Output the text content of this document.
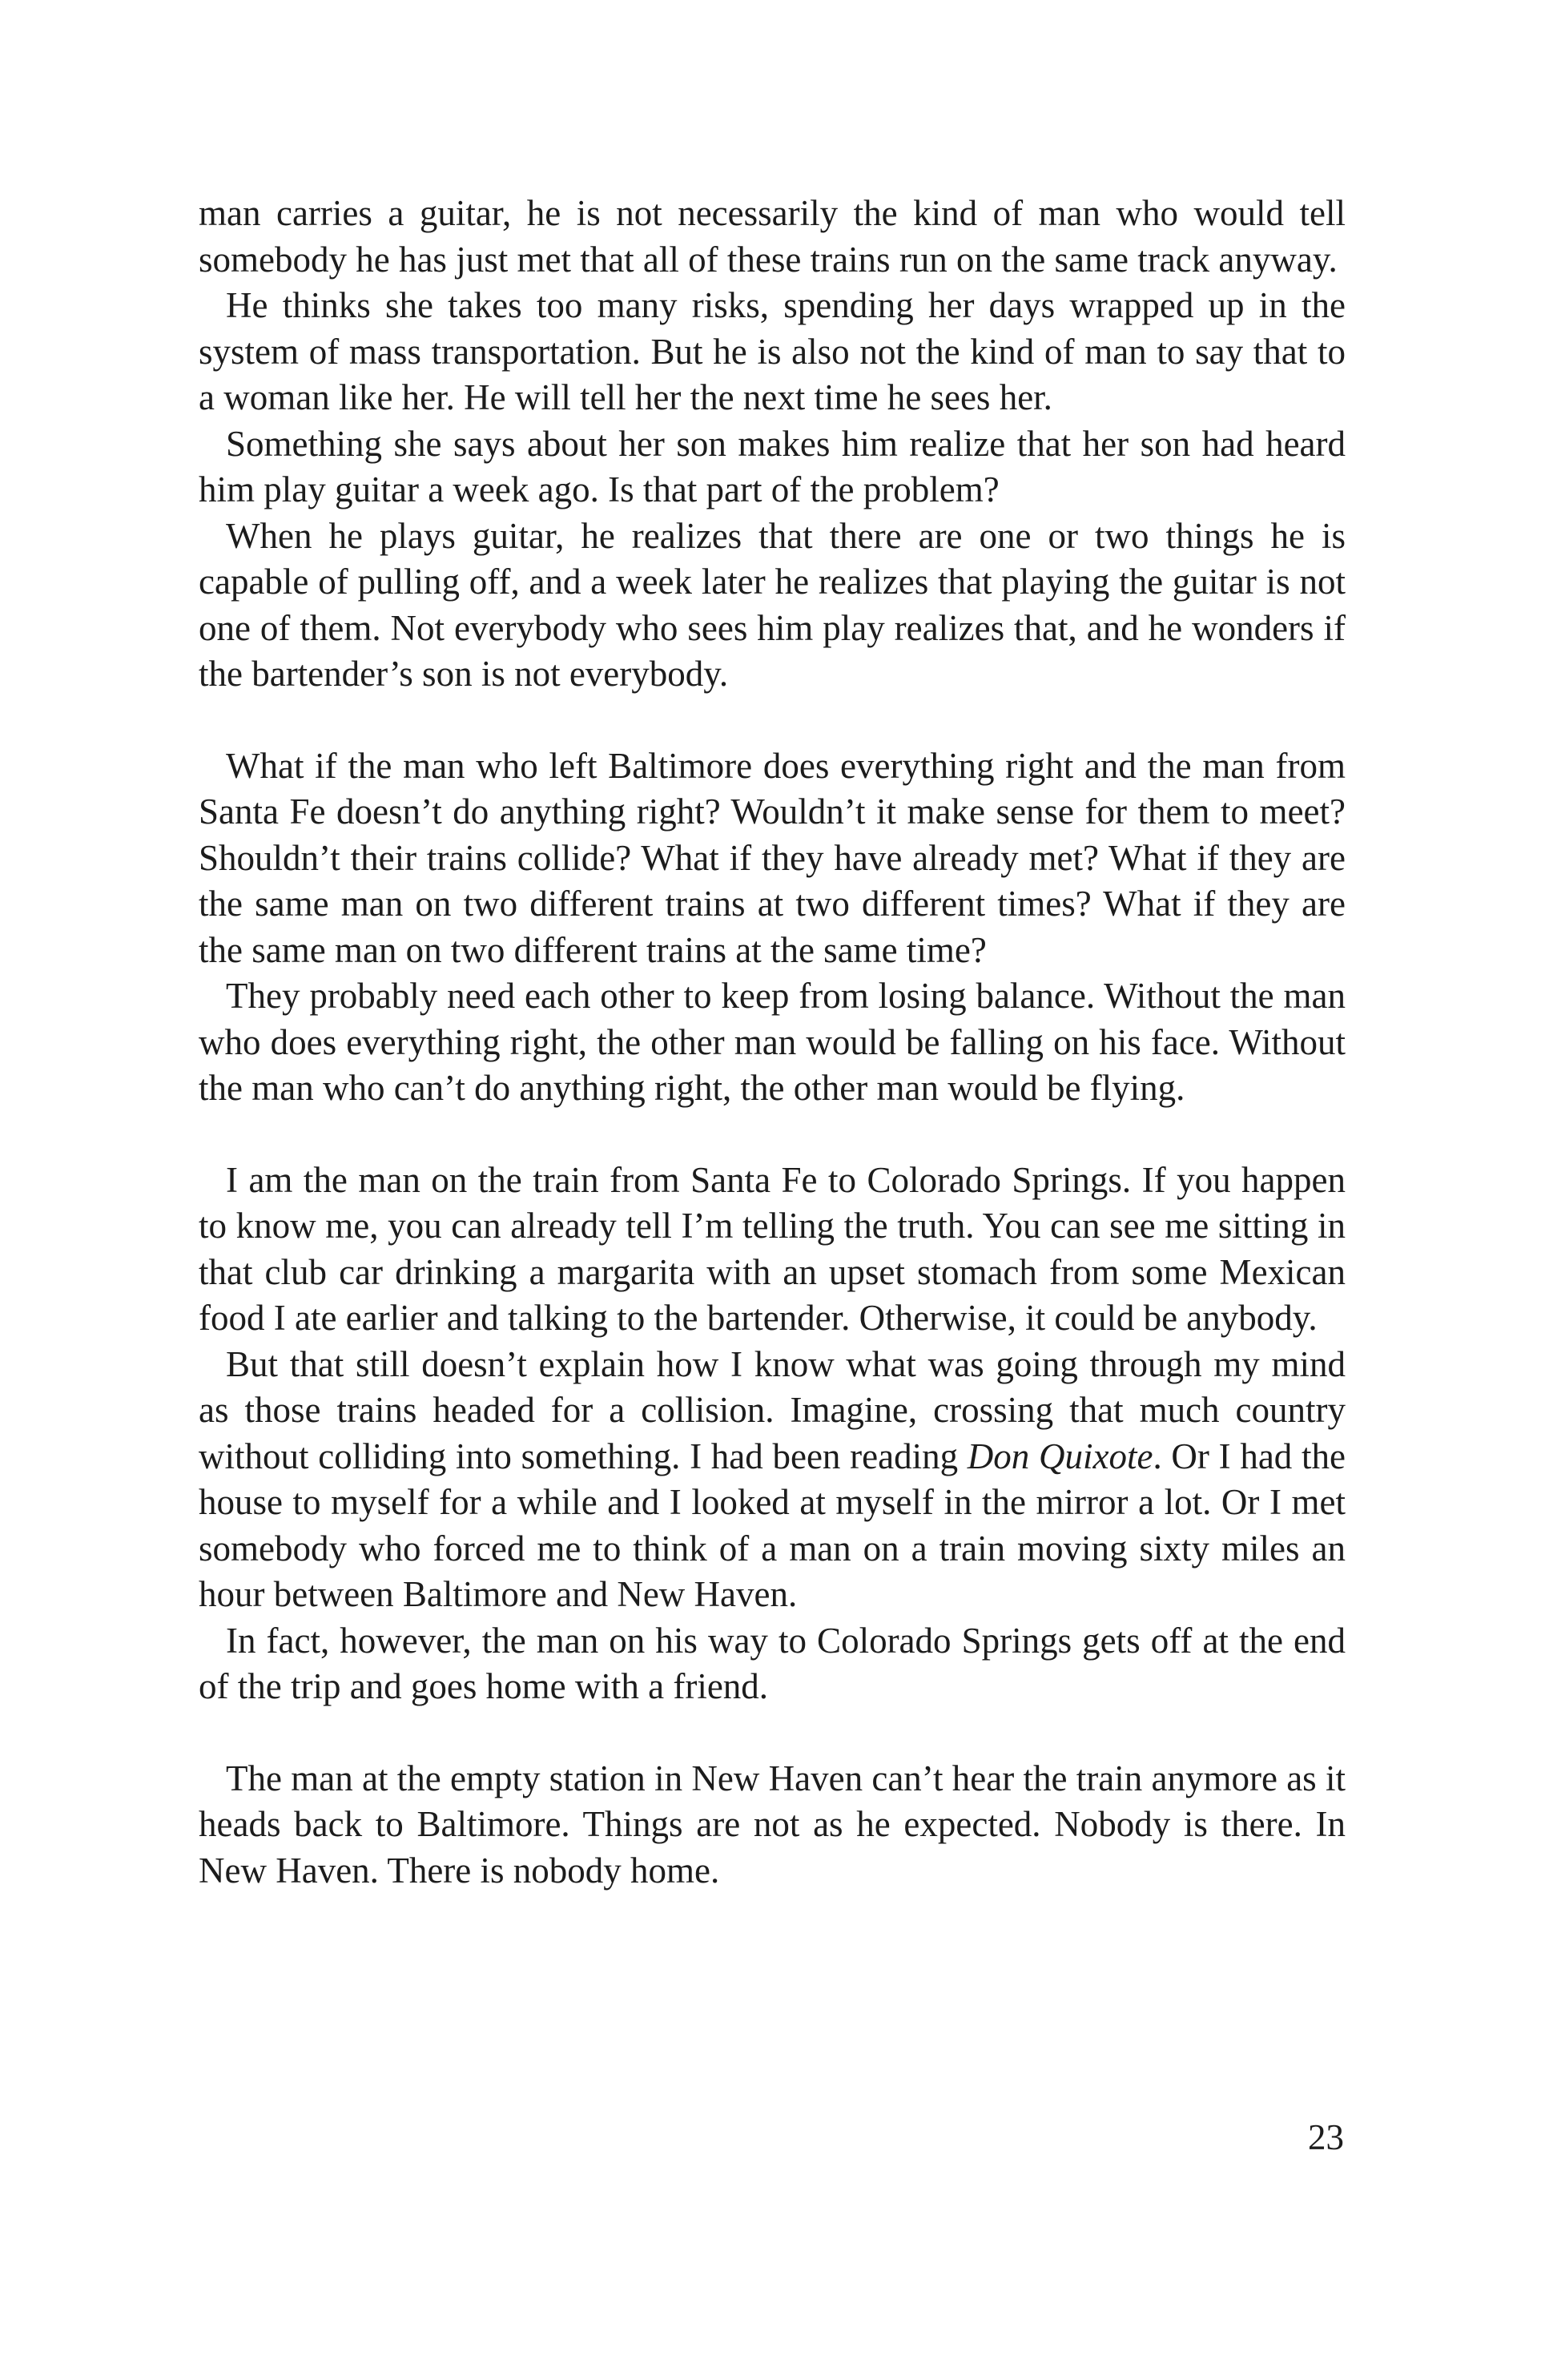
man carries a guitar, he is not necessarily the kind of man who would tell somebody he has just met that all of these trains run on the same track anyway.

He thinks she takes too many risks, spending her days wrapped up in the system of mass transportation. But he is also not the kind of man to say that to a woman like her. He will tell her the next time he sees her.

Something she says about her son makes him realize that her son had heard him play guitar a week ago. Is that part of the problem?

When he plays guitar, he realizes that there are one or two things he is capable of pulling off, and a week later he realizes that playing the guitar is not one of them. Not everybody who sees him play realizes that, and he wonders if the bartender’s son is not everybody.

What if the man who left Baltimore does everything right and the man from Santa Fe doesn’t do anything right? Wouldn’t it make sense for them to meet? Shouldn’t their trains collide? What if they have already met? What if they are the same man on two different trains at two different times? What if they are the same man on two different trains at the same time?

They probably need each other to keep from losing balance. Without the man who does everything right, the other man would be falling on his face. Without the man who can’t do anything right, the other man would be flying.

I am the man on the train from Santa Fe to Colorado Springs. If you happen to know me, you can already tell I’m telling the truth. You can see me sitting in that club car drinking a margarita with an upset stomach from some Mexican food I ate earlier and talking to the bartender. Otherwise, it could be anybody.

But that still doesn’t explain how I know what was going through my mind as those trains headed for a collision. Imagine, crossing that much country without colliding into something. I had been reading Don Quixote. Or I had the house to myself for a while and I looked at myself in the mirror a lot. Or I met somebody who forced me to think of a man on a train moving sixty miles an hour between Baltimore and New Haven.

In fact, however, the man on his way to Colorado Springs gets off at the end of the trip and goes home with a friend.

The man at the empty station in New Haven can’t hear the train anymore as it heads back to Baltimore. Things are not as he expected. Nobody is there. In New Haven. There is nobody home.

23
